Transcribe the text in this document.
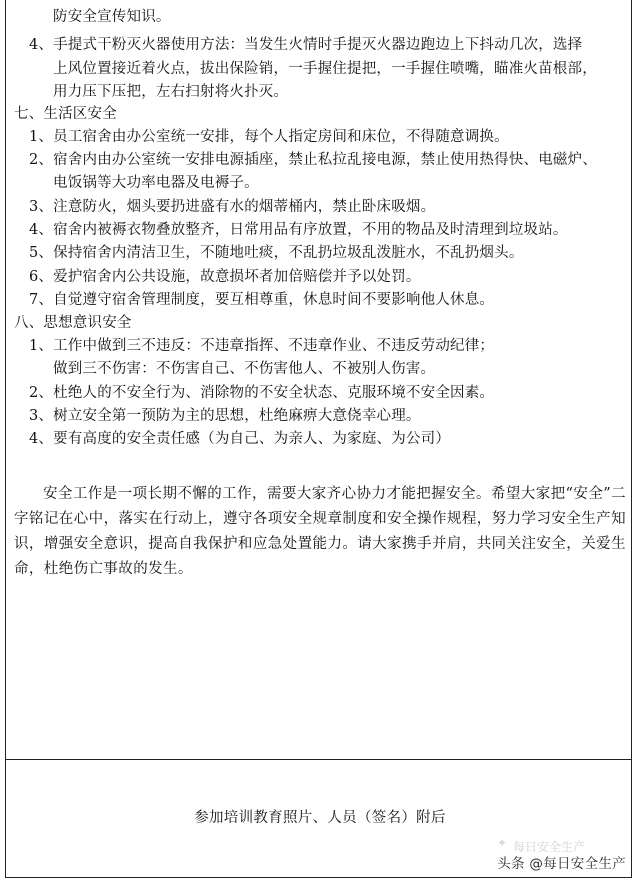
防安全宣传知识。
4、手提式干粉灭火器使用方法：当发生火情时手提灭火器边跑边上下抖动几次，选择
上风位置接近着火点，拔出保险销，一手握住提把，一手握住喷嘴，瞄准火苗根部，
用力压下压把，左右扫射将火扑灭。
七、生活区安全
1、员工宿舍由办公室统一安排，每个人指定房间和床位，不得随意调换。
2、宿舍内由办公室统一安排电源插座，禁止私拉乱接电源，禁止使用热得快、电磁炉、
电饭锅等大功率电器及电褥子。
3、注意防火，烟头要扔进盛有水的烟蒂桶内，禁止卧床吸烟。
4、宿舍内被褥衣物叠放整齐，日常用品有序放置，不用的物品及时清理到垃圾站。
5、保持宿舍内清洁卫生，不随地吐痰，不乱扔垃圾乱泼脏水，不乱扔烟头。
6、爱护宿舍内公共设施，故意损坏者加倍赔偿并予以处罚。
7、自觉遵守宿舍管理制度，要互相尊重，休息时间不要影响他人休息。
八、思想意识安全
1、工作中做到三不违反：不违章指挥、不违章作业、不违反劳动纪律；
做到三不伤害：不伤害自己、不伤害他人、不被别人伤害。
2、杜绝人的不安全行为、消除物的不安全状态、克服环境不安全因素。
3、树立安全第一预防为主的思想，杜绝麻痹大意侥幸心理。
4、要有高度的安全责任感（为自己、为亲人、为家庭、为公司）
安全工作是一项长期不懈的工作，需要大家齐心协力才能把握安全。希望大家把“安全”二字铭记在心中，落实在行动上，遵守各项安全规章制度和安全操作规程，努力学习安全生产知识，增强安全意识，提高自我保护和应急处置能力。请大家携手并肩，共同关注安全，关爱生命，杜绝伤亡事故的发生。
参加培训教育照片、人员（签名）附后
✦ 每日安全生产
头条 @每日安全生产
